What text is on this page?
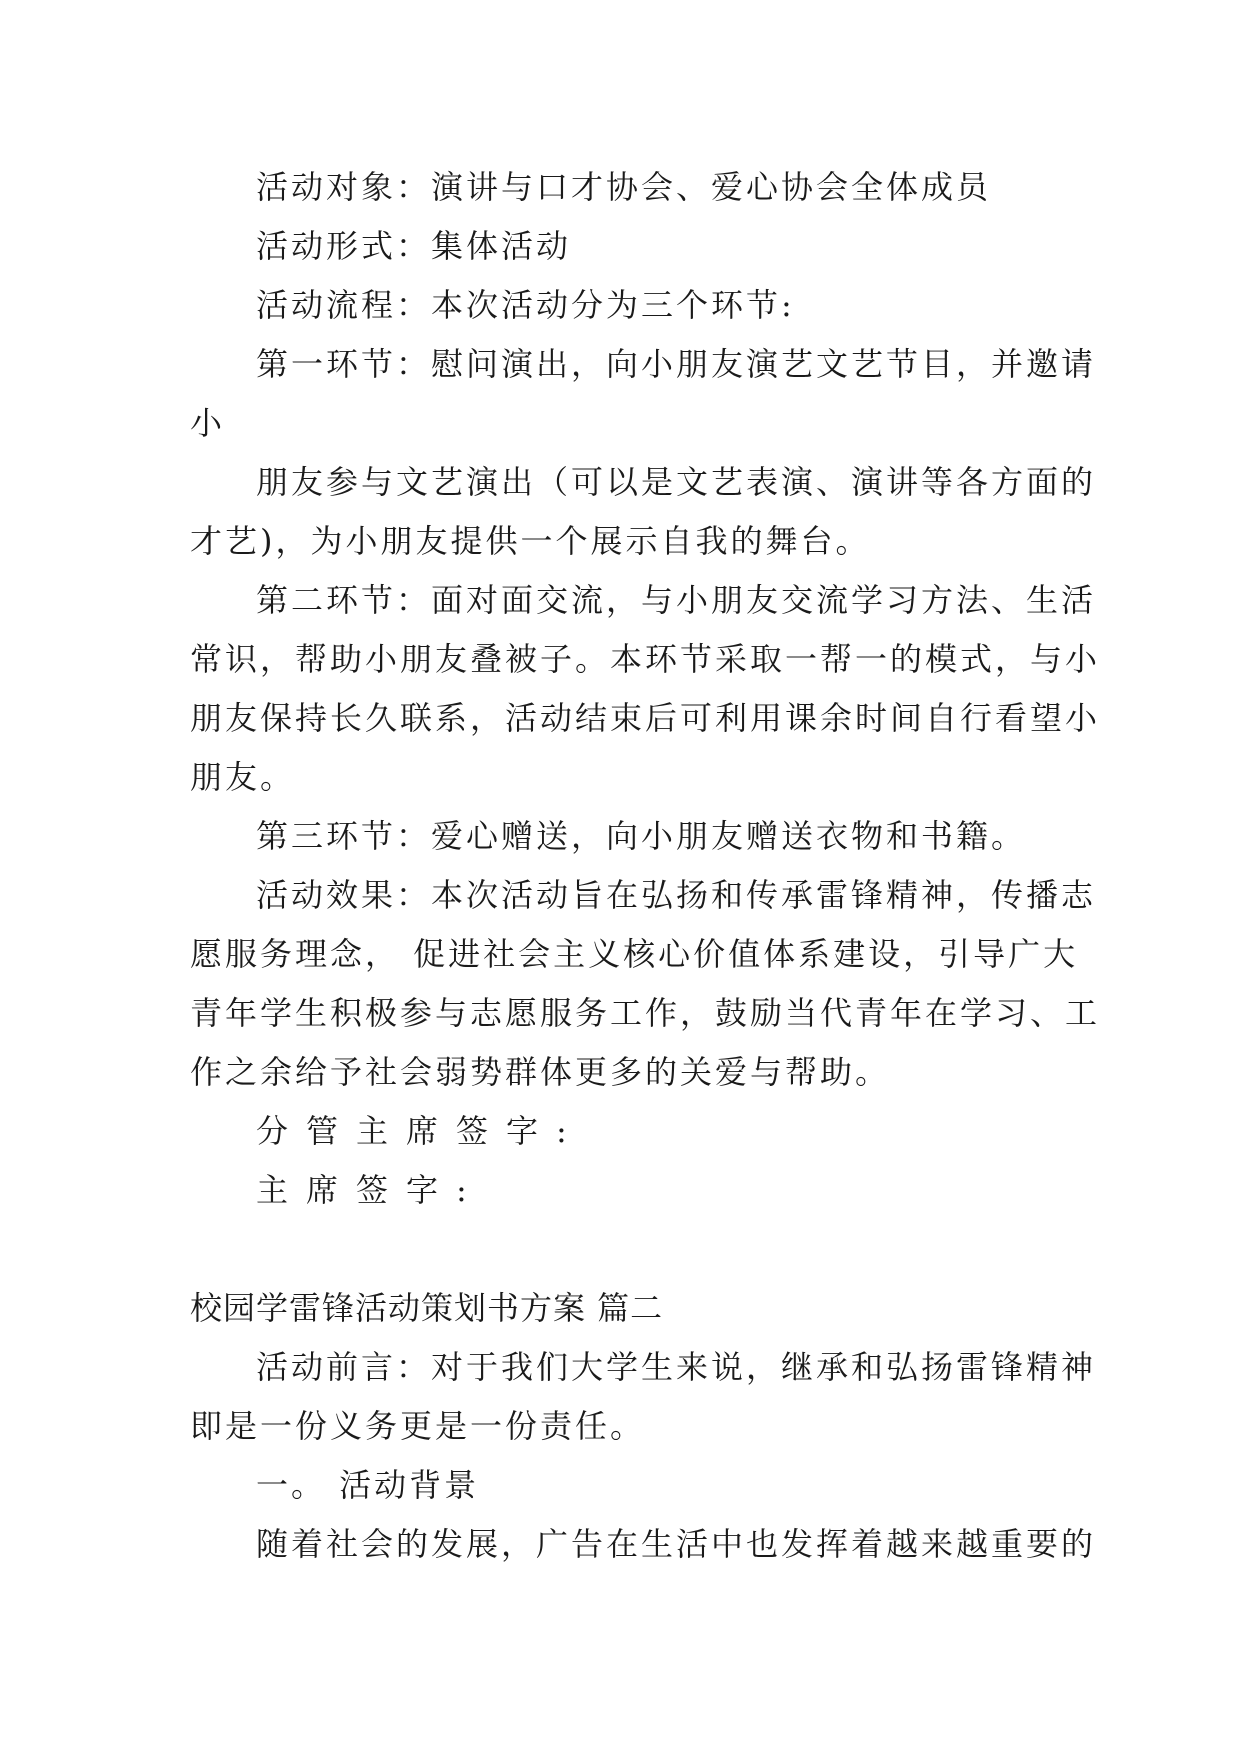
活动对象：演讲与口才协会、爱心协会全体成员
活动形式：集体活动
活动流程：本次活动分为三个环节:
第一环节：慰问演出，向小朋友演艺文艺节目，并邀请
小
朋友参与文艺演出（可以是文艺表演、演讲等各方面的
才艺)，为小朋友提供一个展示自我的舞台。
第二环节：面对面交流，与小朋友交流学习方法、生活
常识，帮助小朋友叠被子。本环节采取一帮一的模式，与小
朋友保持长久联系，活动结束后可利用课余时间自行看望小
朋友。
第三环节：爱心赠送，向小朋友赠送衣物和书籍。
活动效果：本次活动旨在弘扬和传承雷锋精神，传播志
愿服务理念， 促进社会主义核心价值体系建设，引导广大
青年学生积极参与志愿服务工作，鼓励当代青年在学习、工
作之余给予社会弱势群体更多的关爱与帮助。
分管主席签字:
主席签字:
校园学雷锋活动策划书方案 篇二
活动前言：对于我们大学生来说，继承和弘扬雷锋精神
即是一份义务更是一份责任。
一。 活动背景
随着社会的发展，广告在生活中也发挥着越来越重要的
